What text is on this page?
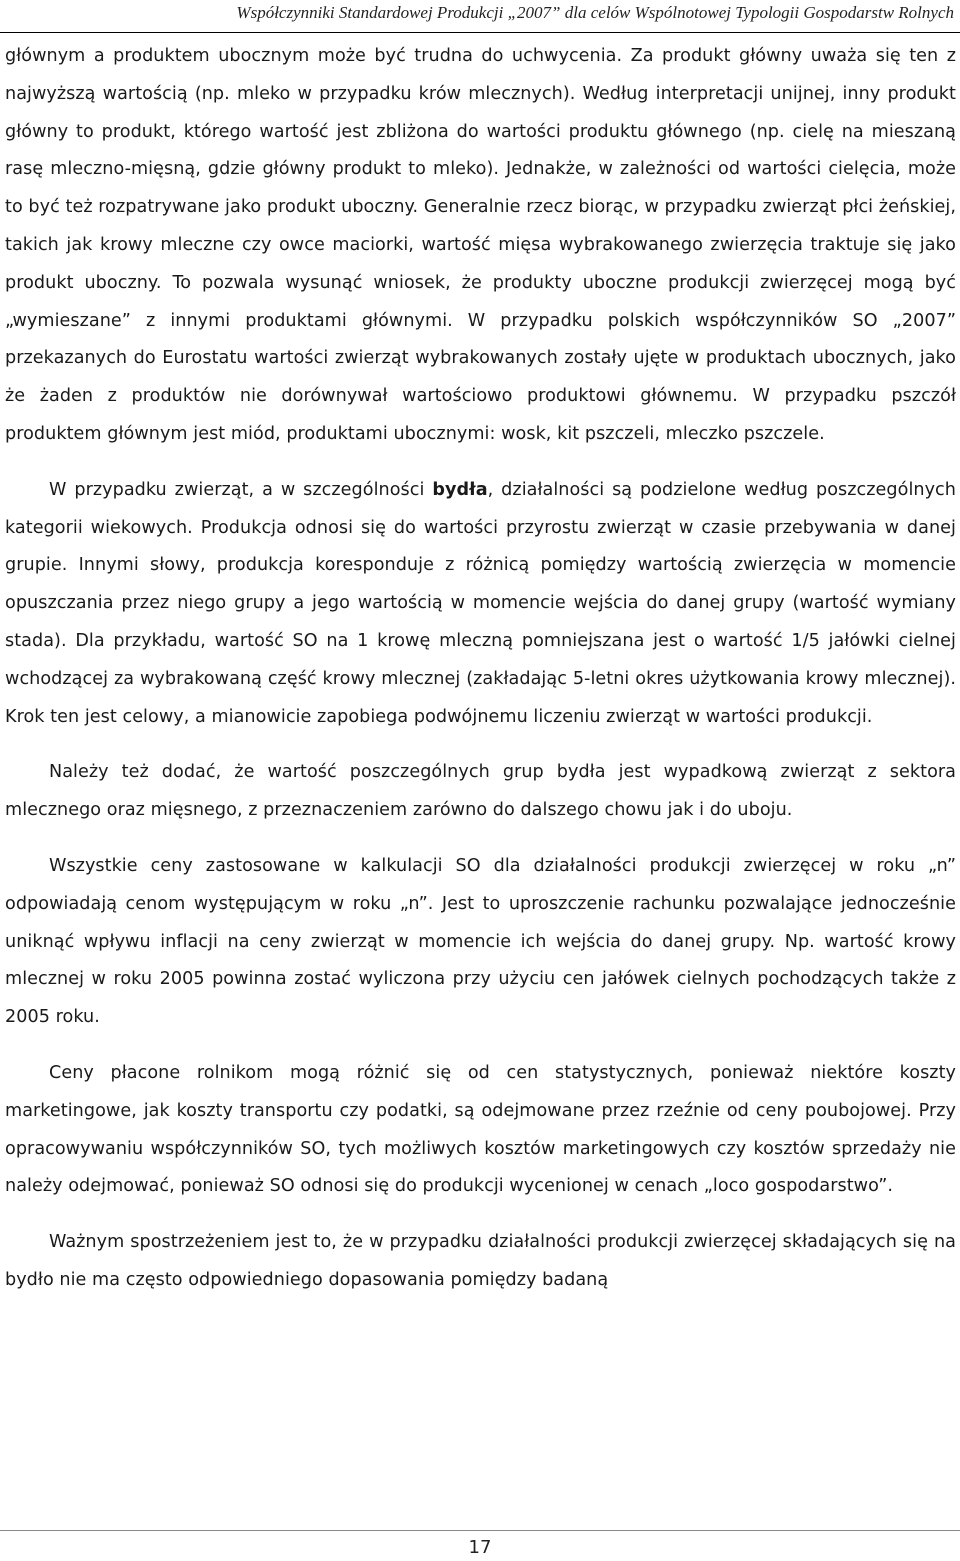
Współczynniki Standardowej Produkcji „2007” dla celów Wspólnotowej Typologii Gospodarstw Rolnych

głównym a produktem ubocznym może być trudna do uchwycenia. Za produkt główny uważa się ten z najwyższą wartością (np. mleko w przypadku krów mlecznych). Według interpretacji unijnej, inny produkt główny to produkt, którego wartość jest zbliżona do wartości produktu głównego (np. cielę na mieszaną rasę mleczno-mięsną, gdzie główny produkt to mleko). Jednakże, w zależności od wartości cielęcia, może to być też rozpatrywane jako produkt uboczny. Generalnie rzecz biorąc, w przypadku zwierząt płci żeńskiej, takich jak krowy mleczne czy owce maciorki, wartość mięsa wybrakowanego zwierzęcia traktuje się jako produkt uboczny. To pozwala wysunąć wniosek, że produkty uboczne produkcji zwierzęcej mogą być „wymieszane” z innymi produktami głównymi. W przypadku polskich współczynników SO „2007” przekazanych do Eurostatu wartości zwierząt wybrakowanych zostały ujęte w produktach ubocznych, jako że żaden z produktów nie dorównywał wartościowo produktowi głównemu. W przypadku pszczół produktem głównym jest miód, produktami ubocznymi: wosk, kit pszczeli, mleczko pszczele.

W przypadku zwierząt, a w szczególności bydła, działalności są podzielone według poszczególnych kategorii wiekowych. Produkcja odnosi się do wartości przyrostu zwierząt w czasie przebywania w danej grupie. Innymi słowy, produkcja koresponduje z różnicą pomiędzy wartością zwierzęcia w momencie opuszczania przez niego grupy a jego wartością w momencie wejścia do danej grupy (wartość wymiany stada). Dla przykładu, wartość SO na 1 krowę mleczną pomniejszana jest o wartość 1/5 jałówki cielnej wchodzącej za wybrakowaną część krowy mlecznej (zakładając 5-letni okres użytkowania krowy mlecznej). Krok ten jest celowy, a mianowicie zapobiega podwójnemu liczeniu zwierząt w wartości produkcji.

Należy też dodać, że wartość poszczególnych grup bydła jest wypadkową zwierząt z sektora mlecznego oraz mięsnego, z przeznaczeniem zarówno do dalszego chowu jak i do uboju.

Wszystkie ceny zastosowane w kalkulacji SO dla działalności produkcji zwierzęcej w roku „n” odpowiadają cenom występującym w roku „n”. Jest to uproszczenie rachunku pozwalające jednocześnie uniknąć wpływu inflacji na ceny zwierząt w momencie ich wejścia do danej grupy. Np. wartość krowy mlecznej w roku 2005 powinna zostać wyliczona przy użyciu cen jałówek cielnych pochodzących także z 2005 roku.

Ceny płacone rolnikom mogą różnić się od cen statystycznych, ponieważ niektóre koszty marketingowe, jak koszty transportu czy podatki, są odejmowane przez rzeźnie od ceny poubojowej. Przy opracowywaniu współczynników SO, tych możliwych kosztów marketingowych czy kosztów sprzedaży nie należy odejmować, ponieważ SO odnosi się do produkcji wycenionej w cenach „loco gospodarstwo”.

Ważnym spostrzeżeniem jest to, że w przypadku działalności produkcji zwierzęcej składających się na bydło nie ma często odpowiedniego dopasowania pomiędzy badaną

17
